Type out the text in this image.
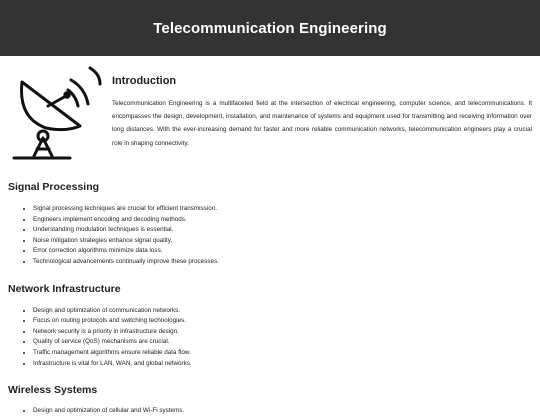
Telecommunication Engineering
Introduction

Telecommunication Engineering is a multifaceted field at the intersection of electrical engineering, computer science, and telecommunications. It encompasses the design, development, installation, and maintenance of systems and equipment used for transmitting and receiving information over long distances. With the ever-increasing demand for faster and more reliable communication networks, telecommunication engineers play a crucial role in shaping connectivity.

Signal Processing
• Signal processing techniques are crucial for efficient transmission.
• Engineers implement encoding and decoding methods.
• Understanding modulation techniques is essential.
• Noise mitigation strategies enhance signal quality.
• Error correction algorithms minimize data loss.
• Technological advancements continually improve these processes.
Network Infrastructure
• Design and optimization of communication networks.
• Focus on routing protocols and switching technologies.
• Network security is a priority in infrastructure design.
• Quality of service (QoS) mechanisms are crucial.
• Traffic management algorithms ensure reliable data flow.
• Infrastructure is vital for LAN, WAN, and global networks.
Wireless Systems
• Design and optimization of cellular and Wi-Fi systems.
